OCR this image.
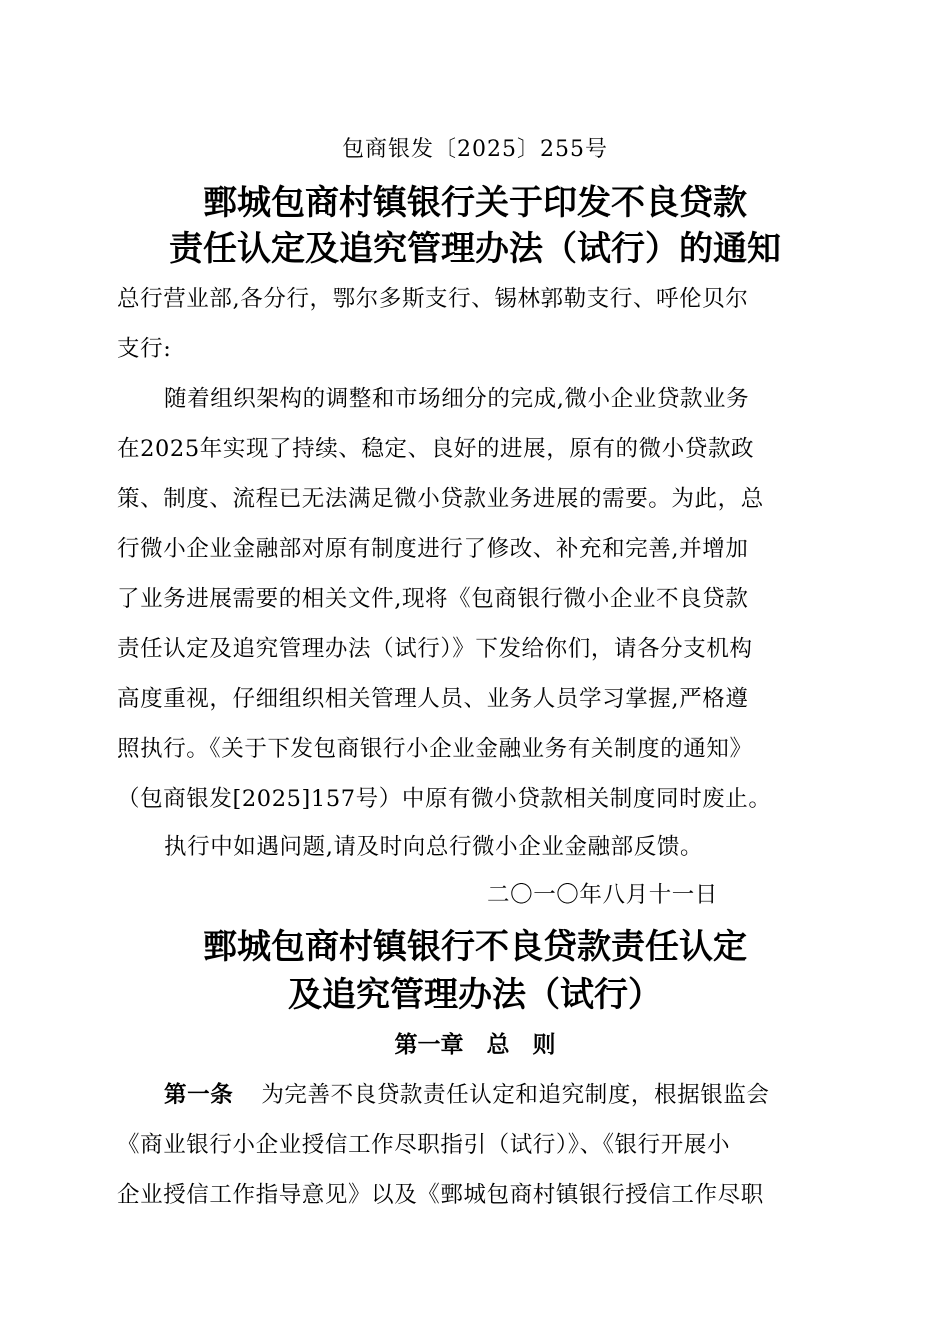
包商银发〔2025〕255号
鄄城包商村镇银行关于印发不良贷款
责任认定及追究管理办法（试行）的通知
总行营业部,各分行，鄂尔多斯支行、锡林郭勒支行、呼伦贝尔
支行:
随着组织架构的调整和市场细分的完成,微小企业贷款业务
在2025年实现了持续、稳定、良好的进展，原有的微小贷款政
策、制度、流程已无法满足微小贷款业务进展的需要。为此，总
行微小企业金融部对原有制度进行了修改、补充和完善,并增加
了业务进展需要的相关文件,现将《包商银行微小企业不良贷款
责任认定及追究管理办法（试行）》下发给你们，请各分支机构
高度重视，仔细组织相关管理人员、业务人员学习掌握,严格遵
照执行。《关于下发包商银行小企业金融业务有关制度的通知》
（包商银发[2025]157号）中原有微小贷款相关制度同时废止。
执行中如遇问题,请及时向总行微小企业金融部反馈。
二〇一〇年八月十一日
鄄城包商村镇银行不良贷款责任认定
及追究管理办法（试行）
第一章　总　则
第一条 为完善不良贷款责任认定和追究制度，根据银监会
《商业银行小企业授信工作尽职指引（试行）》、《银行开展小
企业授信工作指导意见》以及《鄄城包商村镇银行授信工作尽职
